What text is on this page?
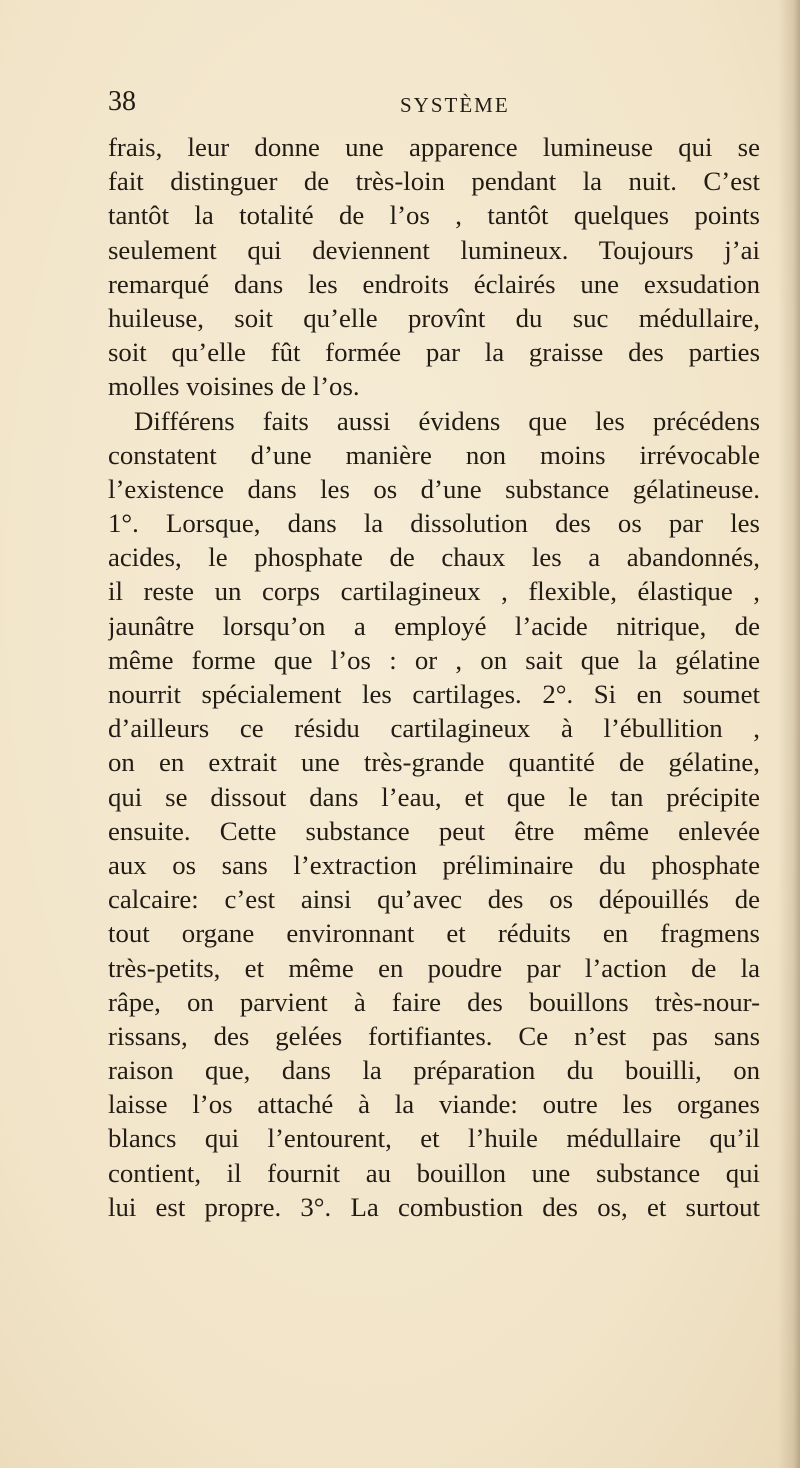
38	SYSTÈME
frais, leur donne une apparence lumineuse qui se
fait distinguer de très-loin pendant la nuit. C’est
tantôt la totalité de l’os , tantôt quelques points
seulement qui deviennent lumineux. Toujours j’ai
remarqué dans les endroits éclairés une exsudation
huileuse, soit qu’elle provînt du suc médullaire,
soit qu’elle fût formée par la graisse des parties
molles voisines de l’os.
Différens faits aussi évidens que les précédens
constatent d’une manière non moins irrévocable
l’existence dans les os d’une substance gélatineuse.
1°. Lorsque, dans la dissolution des os par les
acides, le phosphate de chaux les a abandonnés,
il reste un corps cartilagineux , flexible, élastique ,
jaunâtre lorsqu’on a employé l’acide nitrique, de
même forme que l’os : or , on sait que la gélatine
nourrit spécialement les cartilages. 2°. Si en soumet
d’ailleurs ce résidu cartilagineux à l’ébullition ,
on en extrait une très-grande quantité de gélatine,
qui se dissout dans l’eau, et que le tan précipite
ensuite. Cette substance peut être même enlevée
aux os sans l’extraction préliminaire du phosphate
calcaire: c’est ainsi qu’avec des os dépouillés de
tout organe environnant et réduits en fragmens
très-petits, et même en poudre par l’action de la
râpe, on parvient à faire des bouillons très-nour-
rissans, des gelées fortifiantes. Ce n’est pas sans
raison que, dans la préparation du bouilli, on
laisse l’os attaché à la viande: outre les organes
blancs qui l’entourent, et l’huile médullaire qu’il
contient, il fournit au bouillon une substance qui
lui est propre. 3°. La combustion des os, et surtout
